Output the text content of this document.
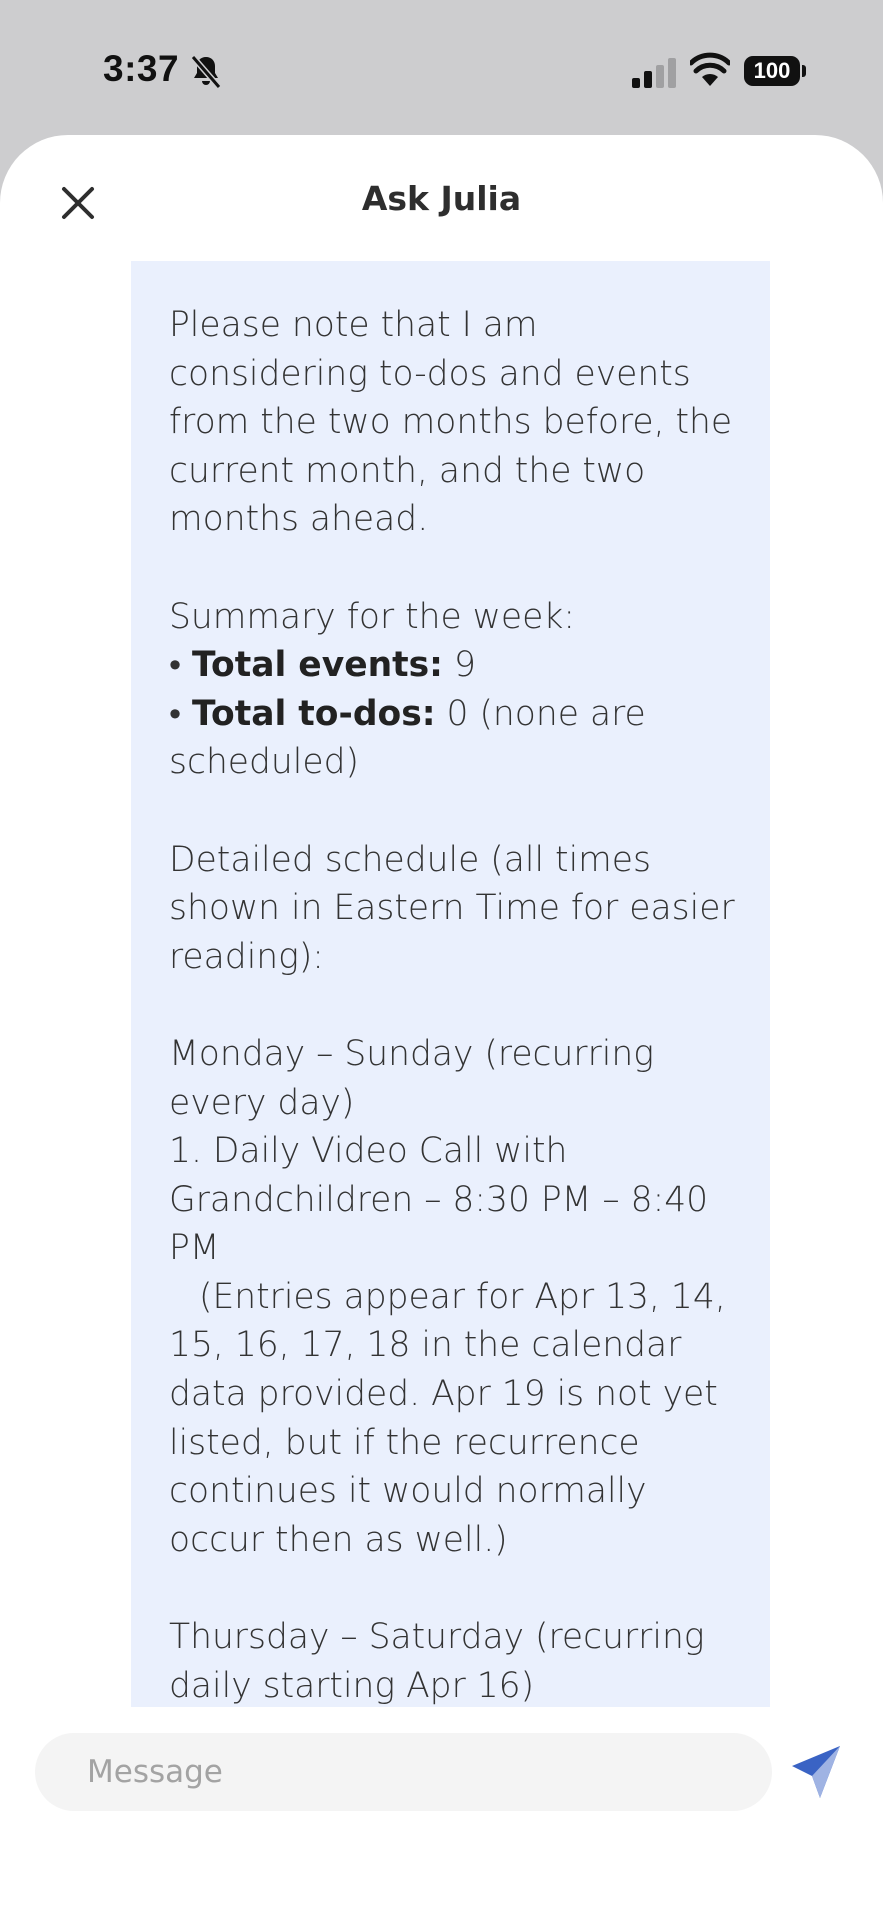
3:37	100
Ask Julia

Please note that I am considering to-dos and events from the two months before, the current month, and the two months ahead.

Summary for the week:

• Total events: 9

• Total to-dos: 0 (none are scheduled)

Detailed schedule (all times shown in Eastern Time for easier reading):

Monday – Sunday (recurring every day)

1. Daily Video Call with Grandchildren – 8:30 PM – 8:40 PM

(Entries appear for Apr 13, 14, 15, 16, 17, 18 in the calendar data provided. Apr 19 is not yet listed, but if the recurrence continues it would normally occur then as well.)

Thursday – Saturday (recurring daily starting Apr 16)

Message
